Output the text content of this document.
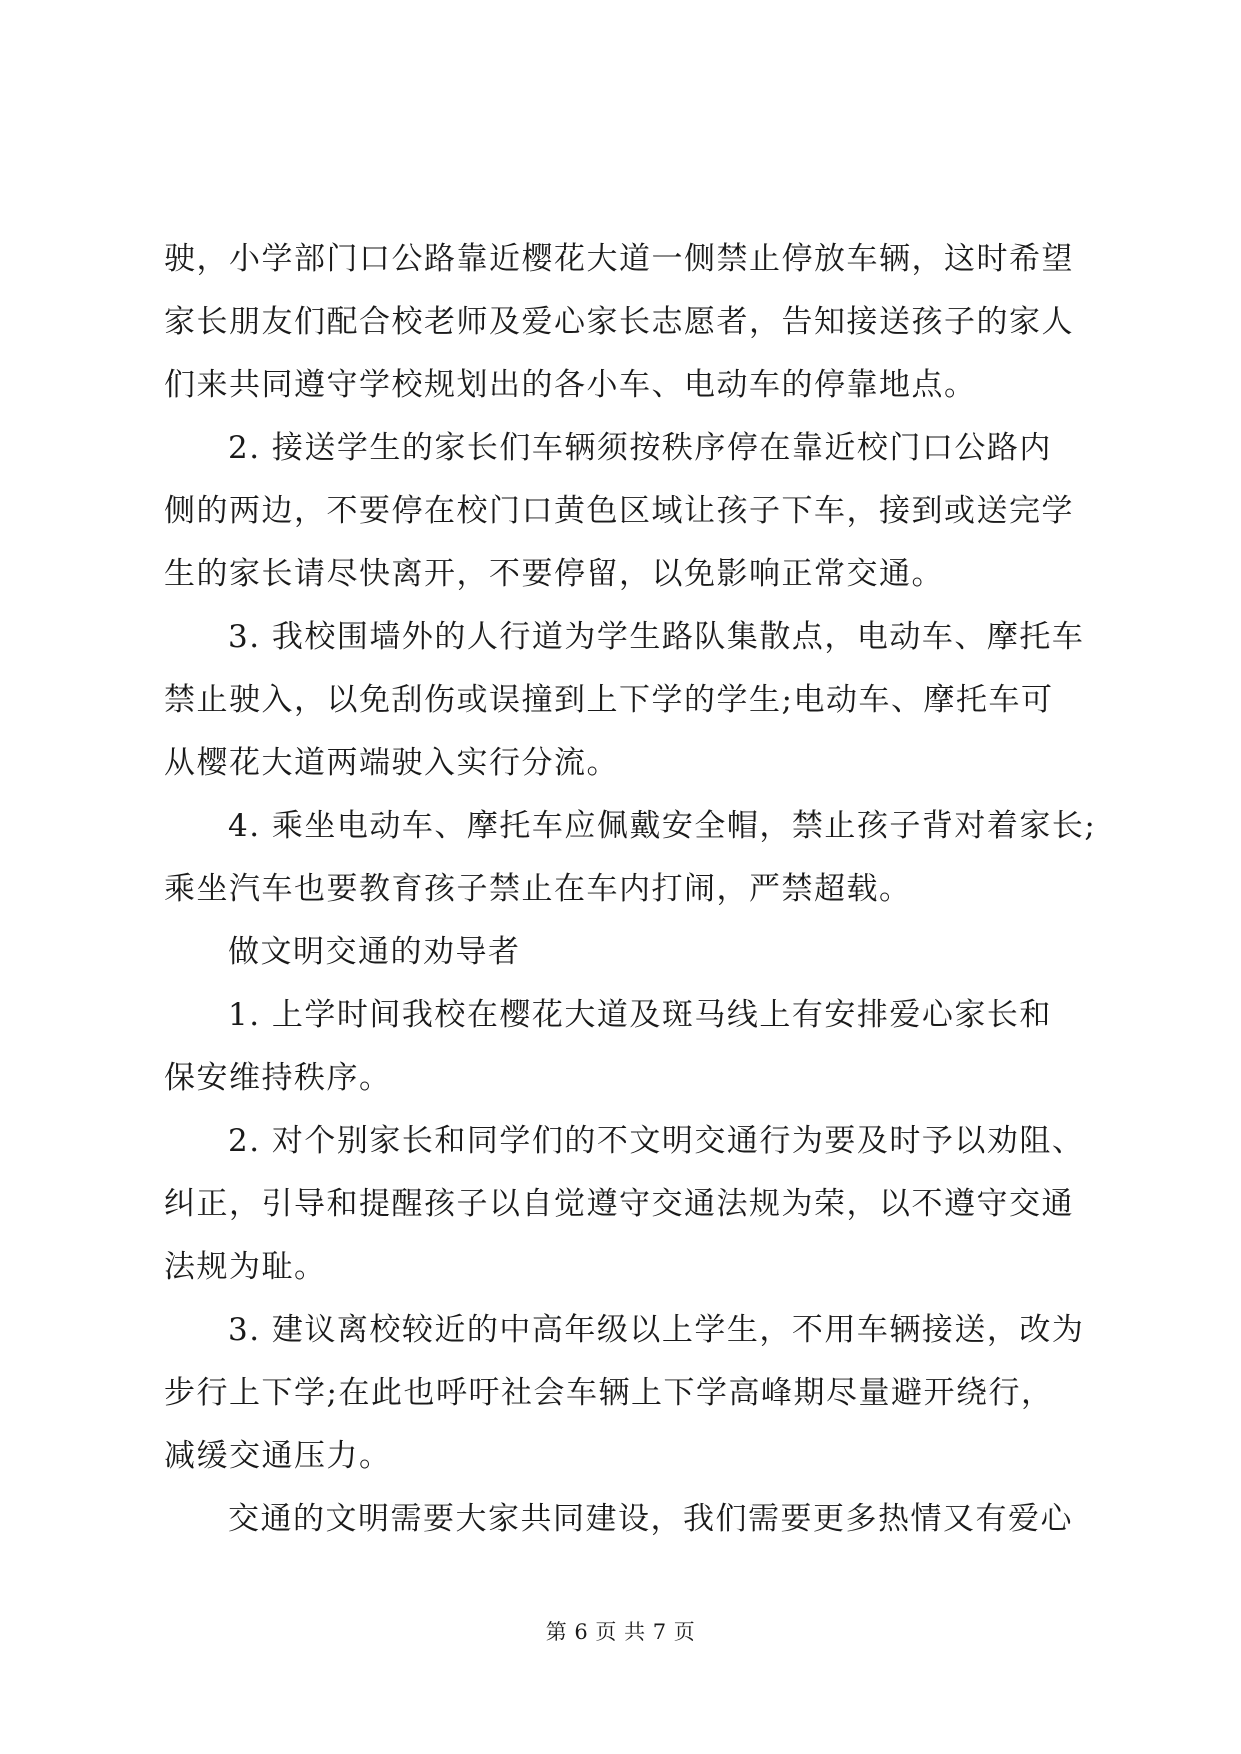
驶，小学部门口公路靠近樱花大道一侧禁止停放车辆，这时希望
家长朋友们配合校老师及爱心家长志愿者，告知接送孩子的家人
们来共同遵守学校规划出的各小车、电动车的停靠地点。

2. 接送学生的家长们车辆须按秩序停在靠近校门口公路内
侧的两边，不要停在校门口黄色区域让孩子下车，接到或送完学
生的家长请尽快离开，不要停留，以免影响正常交通。

3. 我校围墙外的人行道为学生路队集散点，电动车、摩托车
禁止驶入，以免刮伤或误撞到上下学的学生;电动车、摩托车可
从樱花大道两端驶入实行分流。

4. 乘坐电动车、摩托车应佩戴安全帽，禁止孩子背对着家长;
乘坐汽车也要教育孩子禁止在车内打闹，严禁超载。

做文明交通的劝导者

1. 上学时间我校在樱花大道及斑马线上有安排爱心家长和
保安维持秩序。

2. 对个别家长和同学们的不文明交通行为要及时予以劝阻、
纠正，引导和提醒孩子以自觉遵守交通法规为荣，以不遵守交通
法规为耻。

3. 建议离校较近的中高年级以上学生，不用车辆接送，改为
步行上下学;在此也呼吁社会车辆上下学高峰期尽量避开绕行，
减缓交通压力。

交通的文明需要大家共同建设，我们需要更多热情又有爱心

第 6 页 共 7 页
